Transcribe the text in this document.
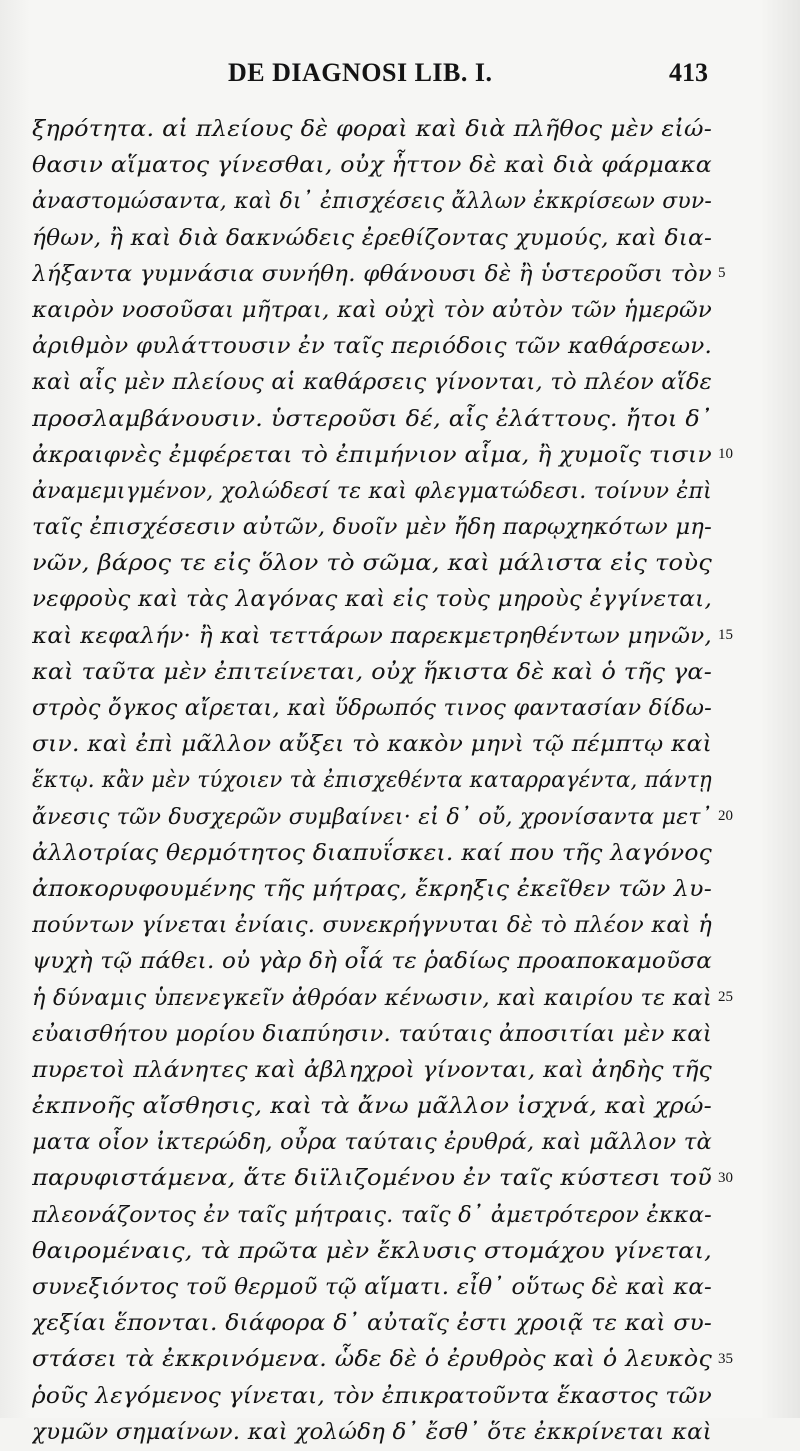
DE DIAGNOSI LIB. I.	413
ξηρότητα. αἱ πλείους δὲ φοραὶ καὶ διὰ πλῆθος μὲν εἰώ-
θασιν αἵματος γίνεσθαι, οὐχ ἧττον δὲ καὶ διὰ φάρμακα
ἀναστομώσαντα, καὶ δι᾽ ἐπισχέσεις ἄλλων ἐκκρίσεων συν-
ήθων, ἢ καὶ διὰ δακνώδεις ἐρεθίζοντας χυμούς, καὶ δια-
λήξαντα γυμνάσια συνήθη. φθάνουσι δὲ ἢ ὑστεροῦσι τὸν
καιρὸν νοσοῦσαι μῆτραι, καὶ οὐχὶ τὸν αὐτὸν τῶν ἡμερῶν
ἀριθμὸν φυλάττουσιν ἐν ταῖς περιόδοις τῶν καθάρσεων.
καὶ αἷς μὲν πλείους αἱ καθάρσεις γίνονται, τὸ πλέον αἵδε
προσλαμβάνουσιν. ὑστεροῦσι δέ, αἷς ἐλάττους. ἤτοι δ᾽
ἀκραιφνὲς ἐμφέρεται τὸ ἐπιμήνιον αἷμα, ἢ χυμοῖς τισιν
ἀναμεμιγμένον, χολώδεσί τε καὶ φλεγματώδεσι. τοίνυν ἐπὶ
ταῖς ἐπισχέσεσιν αὐτῶν, δυοῖν μὲν ἤδη παρῳχηκότων μη-
νῶν, βάρος τε εἰς ὅλον τὸ σῶμα, καὶ μάλιστα εἰς τοὺς
νεφροὺς καὶ τὰς λαγόνας καὶ εἰς τοὺς μηροὺς ἐγγίνεται,
καὶ κεφαλήν· ἢ καὶ τεττάρων παρεκμετρηθέντων μηνῶν,
καὶ ταῦτα μὲν ἐπιτείνεται, οὐχ ἥκιστα δὲ καὶ ὁ τῆς γα-
στρὸς ὄγκος αἴρεται, καὶ ὕδρωπός τινος φαντασίαν δίδω-
σιν. καὶ ἐπὶ μᾶλλον αὔξει τὸ κακὸν μηνὶ τῷ πέμπτῳ καὶ
ἕκτῳ. κἂν μὲν τύχοιεν τὰ ἐπισχεθέντα καταρραγέντα, πάντῃ
ἄνεσις τῶν δυσχερῶν συμβαίνει· εἰ δ᾽ οὔ, χρονίσαντα μετ᾽
ἀλλοτρίας θερμότητος διαπυΐσκει. καί που τῆς λαγόνος
ἀποκορυφουμένης τῆς μήτρας, ἔκρηξις ἐκεῖθεν τῶν λυ-
πούντων γίνεται ἐνίαις. συνεκρήγνυται δὲ τὸ πλέον καὶ ἡ
ψυχὴ τῷ πάθει. οὐ γὰρ δὴ οἷά τε ῥαδίως προαποκαμοῦσα
ἡ δύναμις ὑπενεγκεῖν ἀθρόαν κένωσιν, καὶ καιρίου τε καὶ
εὐαισθήτου μορίου διαπύησιν. ταύταις ἀποσιτίαι μὲν καὶ
πυρετοὶ πλάνητες καὶ ἀβληχροὶ γίνονται, καὶ ἀηδὴς τῆς
ἐκπνοῆς αἴσθησις, καὶ τὰ ἄνω μᾶλλον ἰσχνά, καὶ χρώ-
ματα οἷον ἰκτερώδη, οὖρα ταύταις ἐρυθρά, καὶ μᾶλλον τὰ
παρυφιστάμενα, ἅτε διϊλιζομένου ἐν ταῖς κύστεσι τοῦ
πλεονάζοντος ἐν ταῖς μήτραις. ταῖς δ᾽ ἀμετρότερον ἐκκα-
θαιρομέναις, τὰ πρῶτα μὲν ἔκλυσις στομάχου γίνεται,
συνεξιόντος τοῦ θερμοῦ τῷ αἵματι. εἶθ᾽ οὕτως δὲ καὶ κα-
χεξίαι ἕπονται. διάφορα δ᾽ αὐταῖς ἐστι χροιᾷ τε καὶ συ-
στάσει τὰ ἐκκρινόμενα. ὧδε δὲ ὁ ἐρυθρὸς καὶ ὁ λευκὸς
ῥοῦς λεγόμενος γίνεται, τὸν ἐπικρατοῦντα ἕκαστος τῶν
χυμῶν σημαίνων. καὶ χολώδη δ᾽ ἔσθ᾽ ὅτε ἐκκρίνεται καὶ
5
10
15
20
25
30
35
